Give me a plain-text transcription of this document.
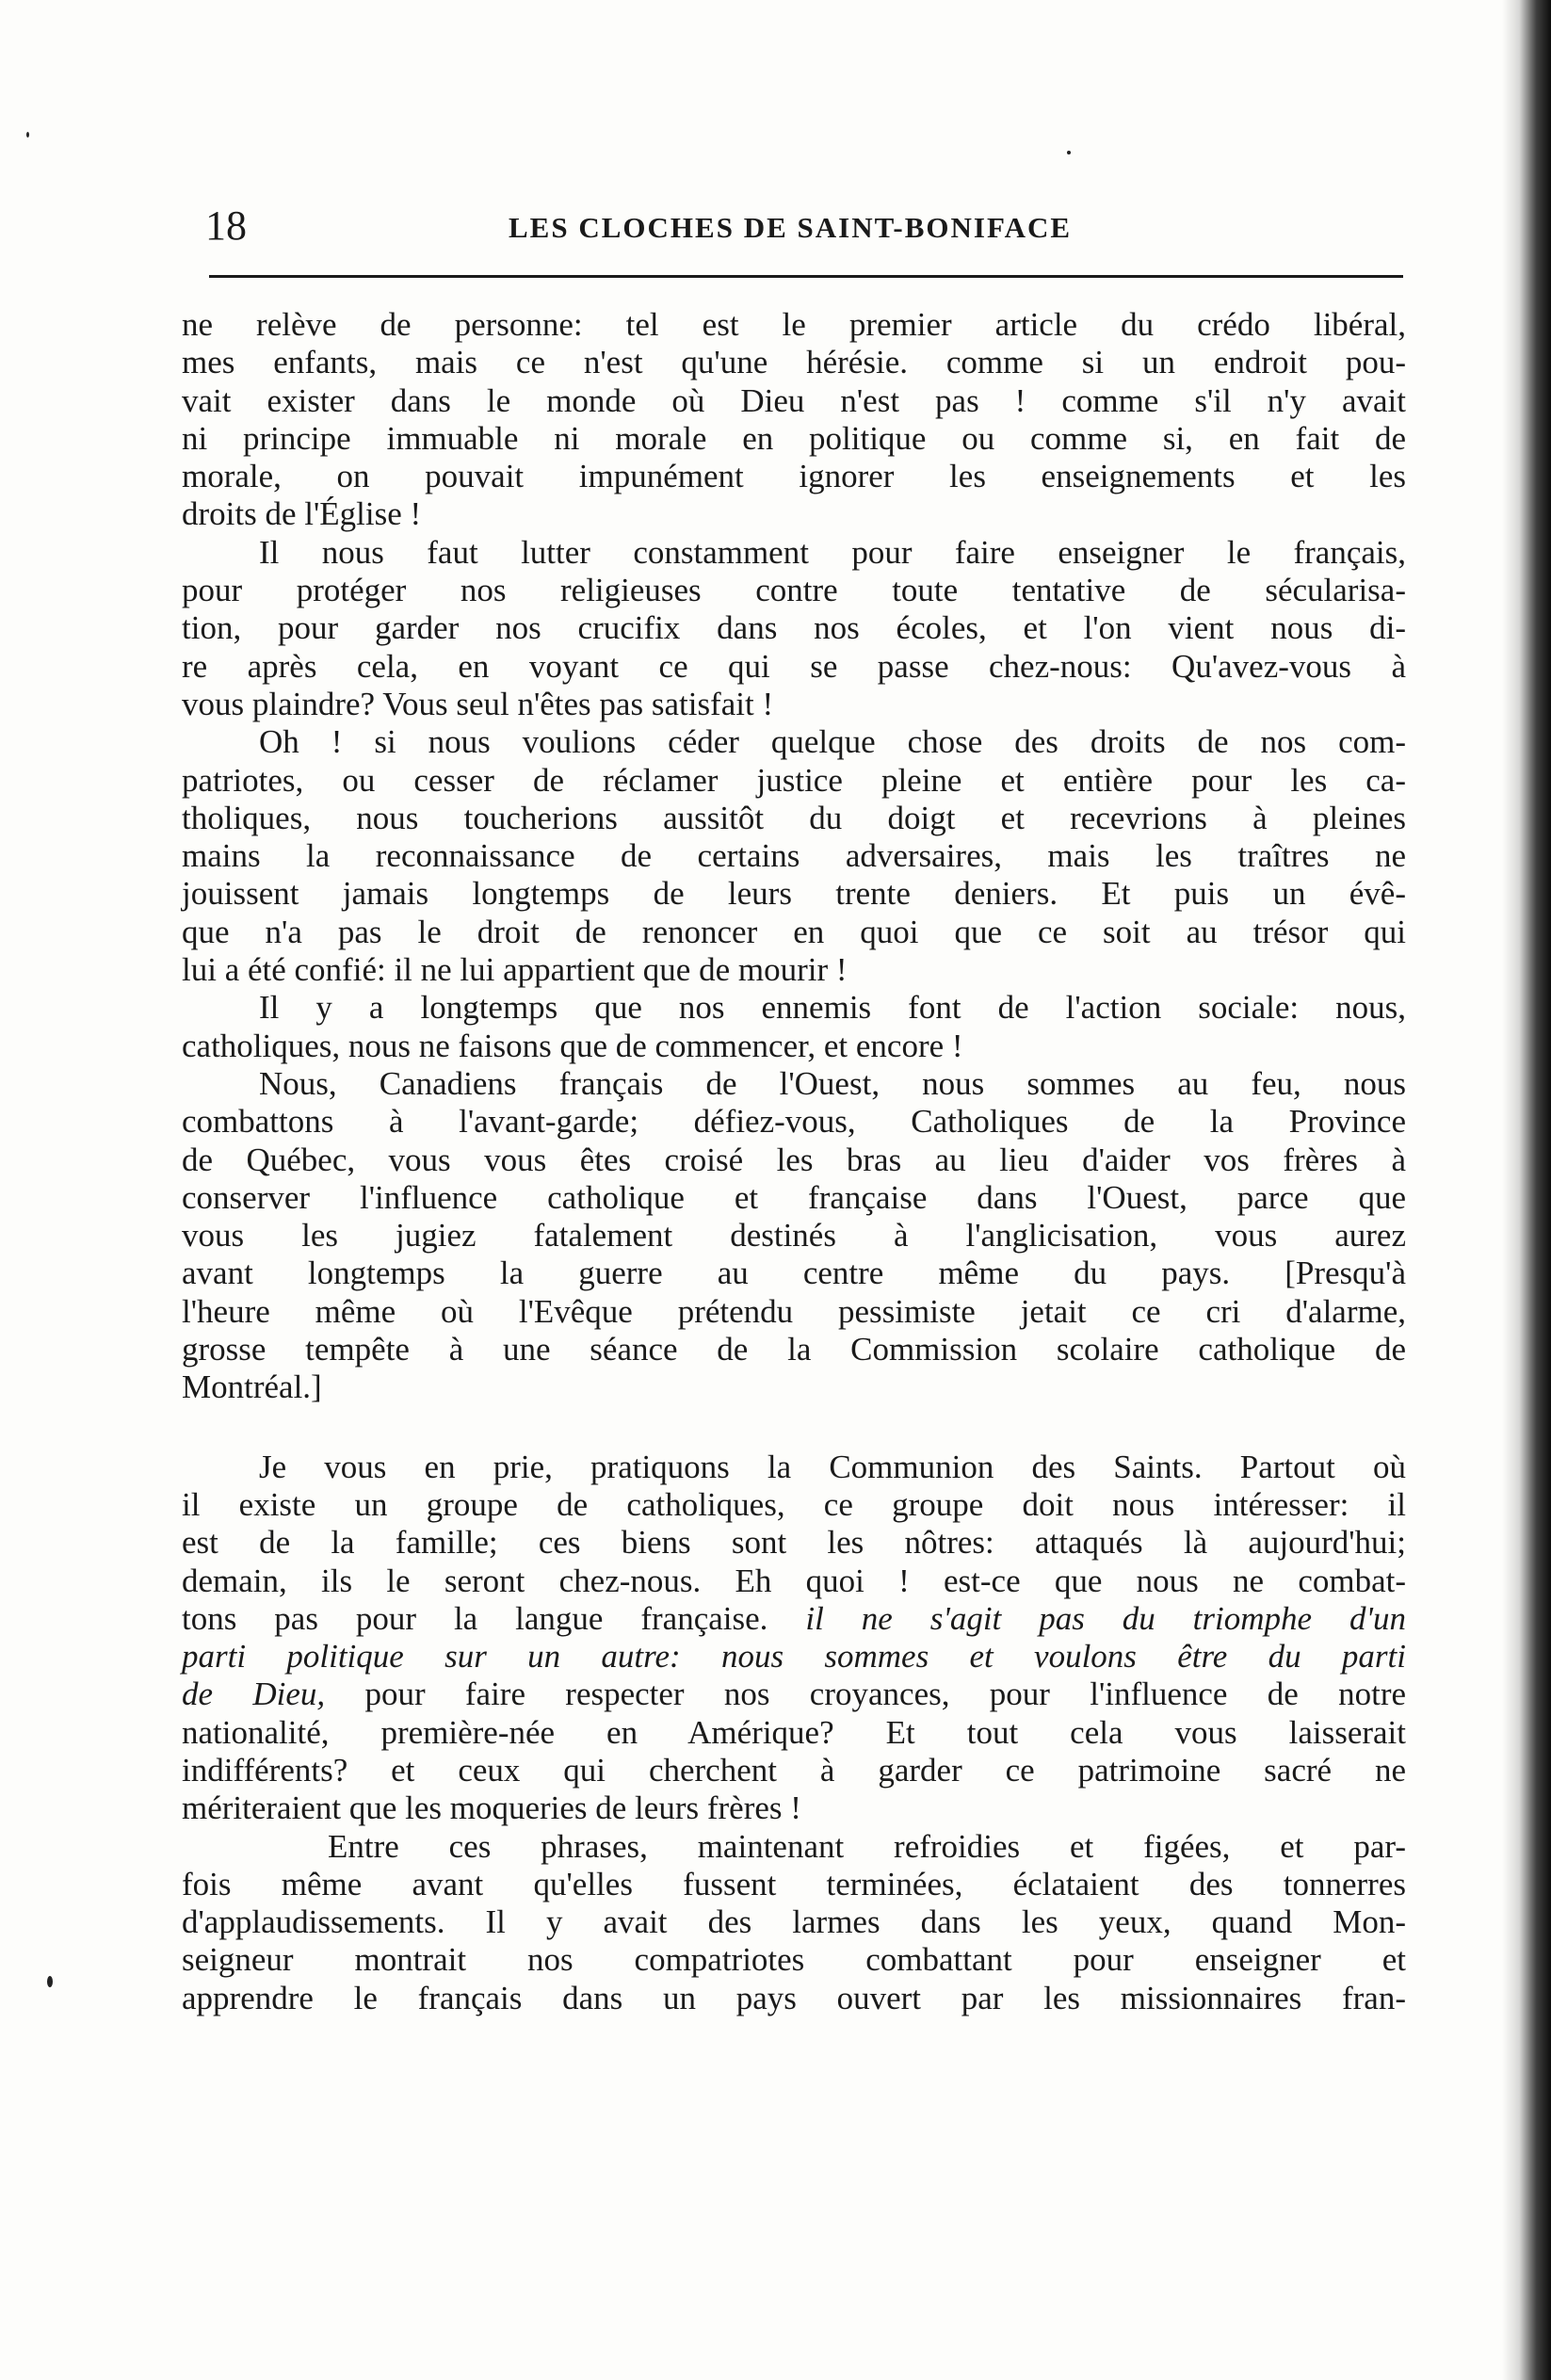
18	LES CLOCHES DE SAINT-BONIFACE
ne relève de personne: tel est le premier article du crédo libéral,
mes enfants, mais ce n'est qu'une hérésie. comme si un endroit pou-
vait exister dans le monde où Dieu n'est pas ! comme s'il n'y avait
ni principe immuable ni morale en politique ou comme si, en fait de
morale, on pouvait impunément ignorer les enseignements et les
droits de l'Église !
Il nous faut lutter constamment pour faire enseigner le français,
pour protéger nos religieuses contre toute tentative de sécularisa-
tion, pour garder nos crucifix dans nos écoles, et l'on vient nous di-
re après cela, en voyant ce qui se passe chez-nous: Qu'avez-vous à
vous plaindre? Vous seul n'êtes pas satisfait !
Oh ! si nous voulions céder quelque chose des droits de nos com-
patriotes, ou cesser de réclamer justice pleine et entière pour les ca-
tholiques, nous toucherions aussitôt du doigt et recevrions à pleines
mains la reconnaissance de certains adversaires, mais les traîtres ne
jouissent jamais longtemps de leurs trente deniers. Et puis un évê-
que n'a pas le droit de renoncer en quoi que ce soit au trésor qui
lui a été confié: il ne lui appartient que de mourir !
Il y a longtemps que nos ennemis font de l'action sociale: nous,
catholiques, nous ne faisons que de commencer, et encore !
Nous, Canadiens français de l'Ouest, nous sommes au feu, nous
combattons à l'avant-garde; défiez-vous, Catholiques de la Province
de Québec, vous vous êtes croisé les bras au lieu d'aider vos frères à
conserver l'influence catholique et française dans l'Ouest, parce que
vous les jugiez fatalement destinés à l'anglicisation, vous aurez
avant longtemps la guerre au centre même du pays. [Presqu'à
l'heure même où l'Evêque prétendu pessimiste jetait ce cri d'alarme,
grosse tempête à une séance de la Commission scolaire catholique de
Montréal.]
Je vous en prie, pratiquons la Communion des Saints. Partout où
il existe un groupe de catholiques, ce groupe doit nous intéresser: il
est de la famille; ces biens sont les nôtres: attaqués là aujourd'hui;
demain, ils le seront chez-nous. Eh quoi ! est-ce que nous ne combat-
tons pas pour la langue française. il ne s'agit pas du triomphe d'un
parti politique sur un autre: nous sommes et voulons être du parti
de Dieu, pour faire respecter nos croyances, pour l'influence de notre
nationalité, première-née en Amérique? Et tout cela vous laisserait
indifférents? et ceux qui cherchent à garder ce patrimoine sacré ne
mériteraient que les moqueries de leurs frères !
Entre ces phrases, maintenant refroidies et figées, et par-
fois même avant qu'elles fussent terminées, éclataient des tonnerres
d'applaudissements. Il y avait des larmes dans les yeux, quand Mon-
seigneur montrait nos compatriotes combattant pour enseigner et
apprendre le français dans un pays ouvert par les missionnaires fran-
